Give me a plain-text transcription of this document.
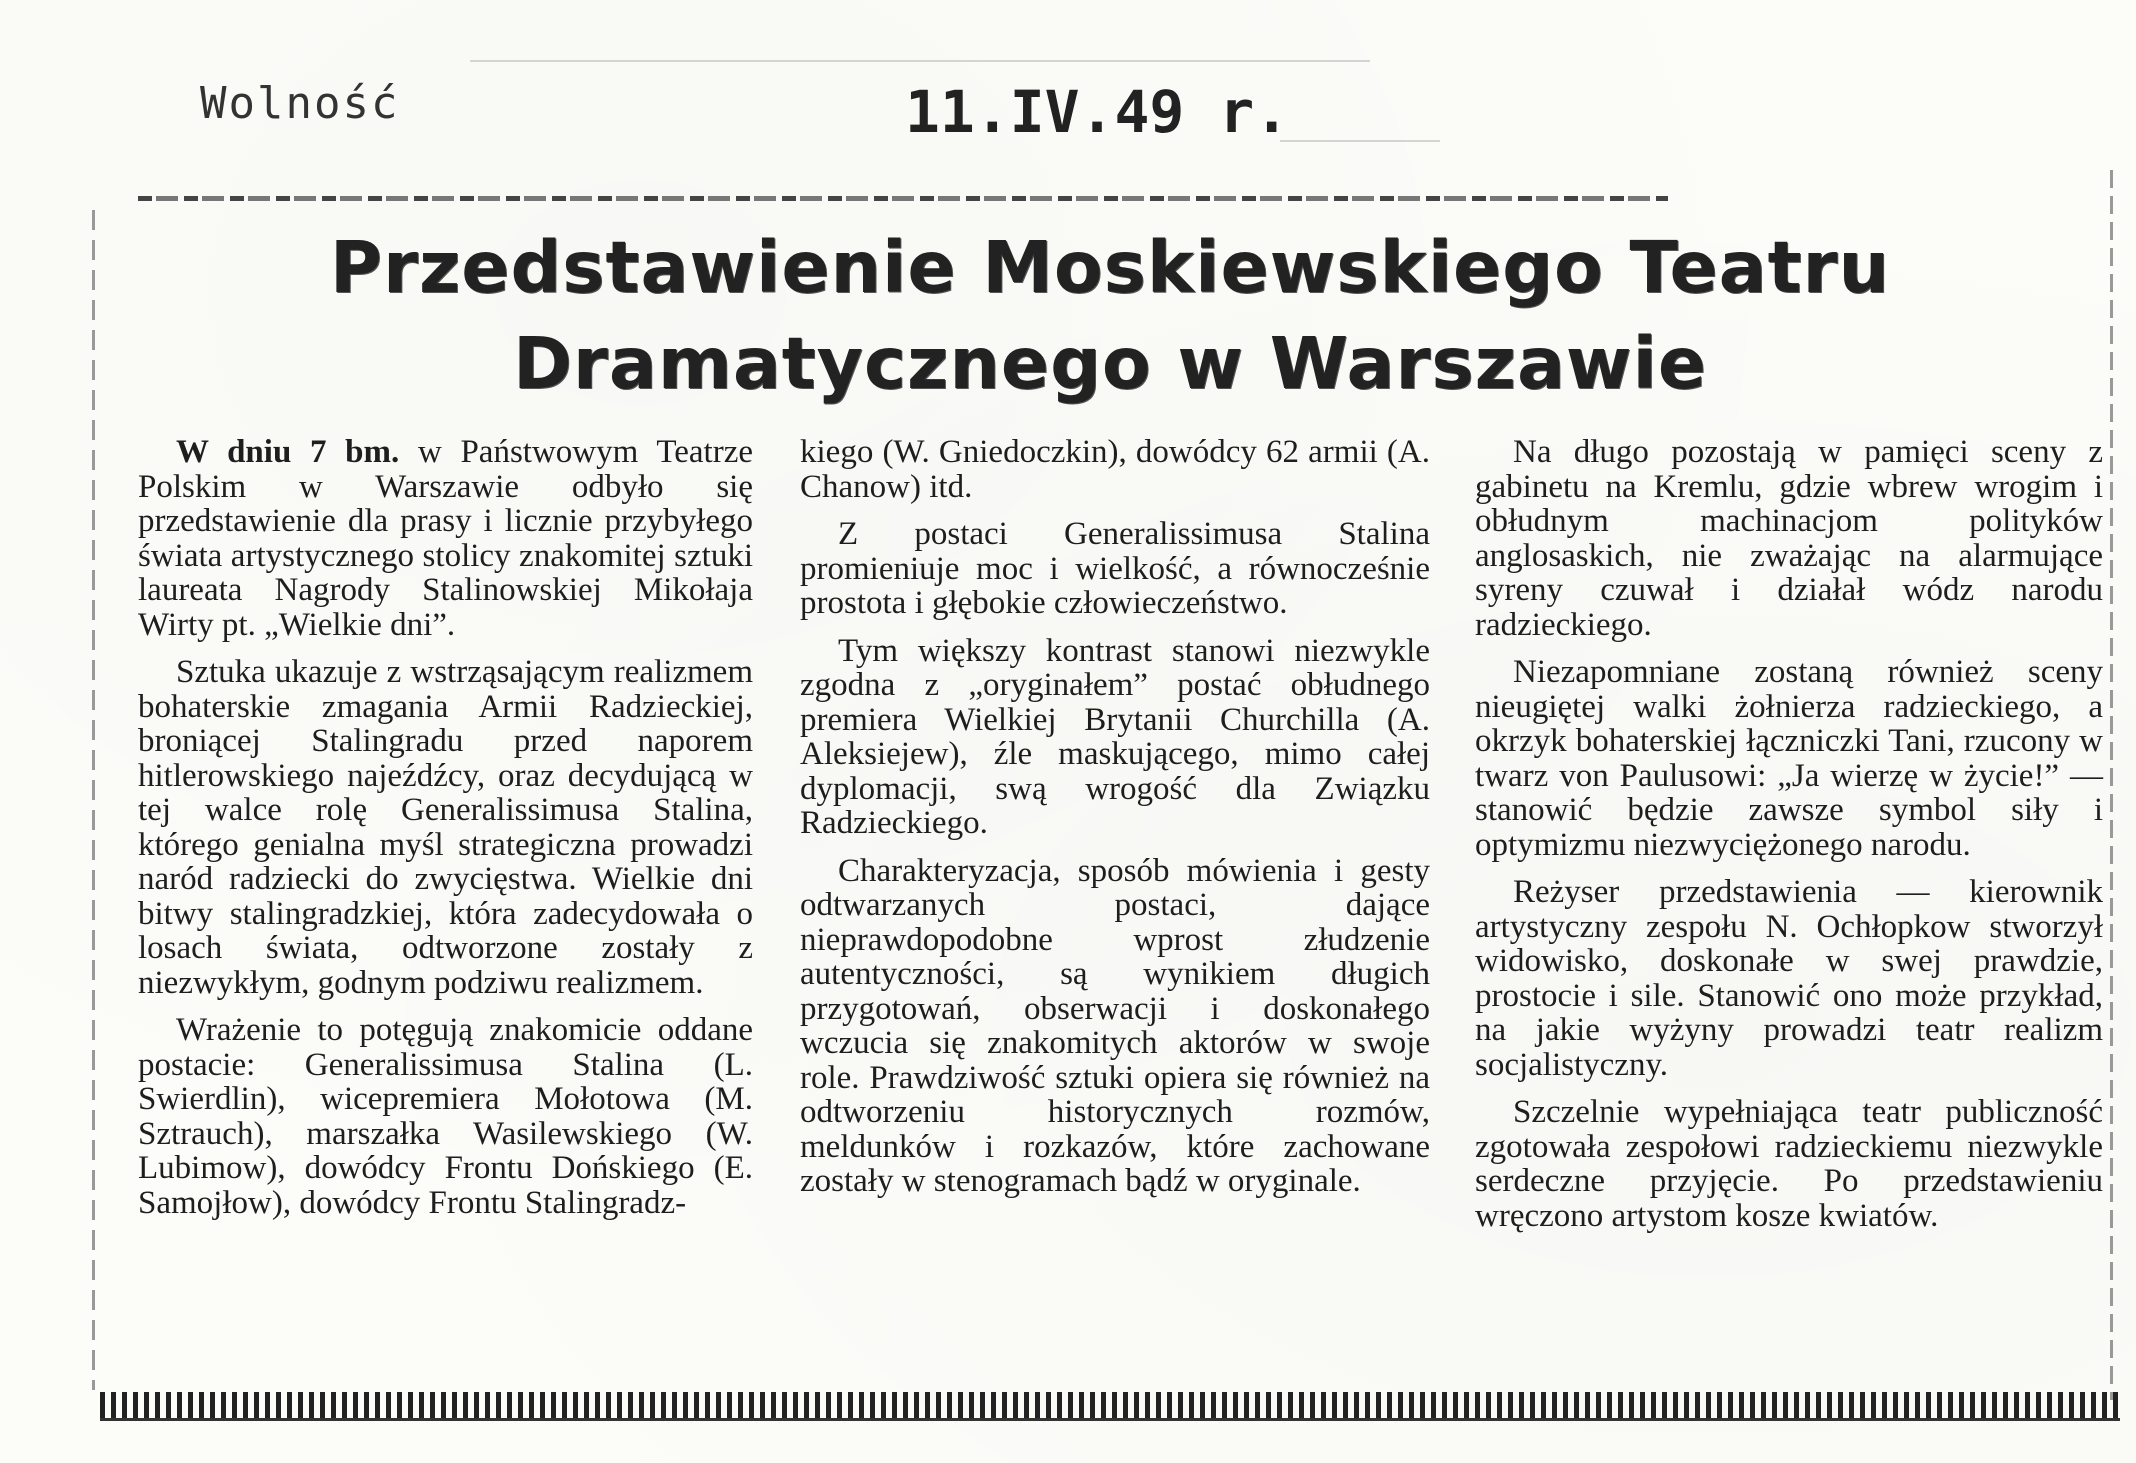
Wolność	11.IV.49 r.
Przedstawienie Moskiewskiego Teatru
Dramatycznego w Warszawie

W dniu 7 bm. w Państwowym Teatrze Polskim w Warszawie odbyło się przedstawienie dla prasy i licznie przybyłego świata artystycznego stolicy znakomitej sztuki laureata Nagrody Stalinowskiej Mikołaja Wirty pt. „Wielkie dni”.

Sztuka ukazuje z wstrząsającym realizmem bohaterskie zmagania Armii Radzieckiej, broniącej Stalingradu przed naporem hitlerowskiego najeźdźcy, oraz decydującą w tej walce rolę Generalissimusa Stalina, którego genialna myśl strategiczna prowadzi naród radziecki do zwycięstwa. Wielkie dni bitwy stalingradzkiej, która zadecydowała o losach świata, odtworzone zostały z niezwykłym, godnym podziwu realizmem.

Wrażenie to potęgują znakomicie oddane postacie: Generalissimusa Stalina (L. Swierdlin), wicepremiera Mołotowa (M. Sztrauch), marszałka Wasilewskiego (W. Lubimow), dowódcy Frontu Dońskiego (E. Samojłow), dowódcy Frontu Stalingradz-

kiego (W. Gniedoczkin), dowódcy 62 armii (A. Chanow) itd.

Z postaci Generalissimusa Stalina promieniuje moc i wielkość, a równocześnie prostota i głębokie człowieczeństwo.

Tym większy kontrast stanowi niezwykle zgodna z „oryginałem” postać obłudnego premiera Wielkiej Brytanii Churchilla (A. Aleksiejew), źle maskującego, mimo całej dyplomacji, swą wrogość dla Związku Radzieckiego.

Charakteryzacja, sposób mówienia i gesty odtwarzanych postaci, dające nieprawdopodobne wprost złudzenie autentyczności, są wynikiem długich przygotowań, obserwacji i doskonałego wczucia się znakomitych aktorów w swoje role. Prawdziwość sztuki opiera się również na odtworzeniu historycznych rozmów, meldunków i rozkazów, które zachowane zostały w stenogramach bądź w oryginale.

Na długo pozostają w pamięci sceny z gabinetu na Kremlu, gdzie wbrew wrogim i obłudnym machinacjom polityków anglosaskich, nie zważając na alarmujące syreny czuwał i działał wódz narodu radzieckiego.

Niezapomniane zostaną również sceny nieugiętej walki żołnierza radzieckiego, a okrzyk bohaterskiej łączniczki Tani, rzucony w twarz von Paulusowi: „Ja wierzę w życie!” — stanowić będzie zawsze symbol siły i optymizmu niezwyciężonego narodu.

Reżyser przedstawienia — kierownik artystyczny zespołu N. Ochłopkow stworzył widowisko, doskonałe w swej prawdzie, prostocie i sile. Stanowić ono może przykład, na jakie wyżyny prowadzi teatr realizm socjalistyczny.

Szczelnie wypełniająca teatr publiczność zgotowała zespołowi radzieckiemu niezwykle serdeczne przyjęcie. Po przedstawieniu wręczono artystom kosze kwiatów.
